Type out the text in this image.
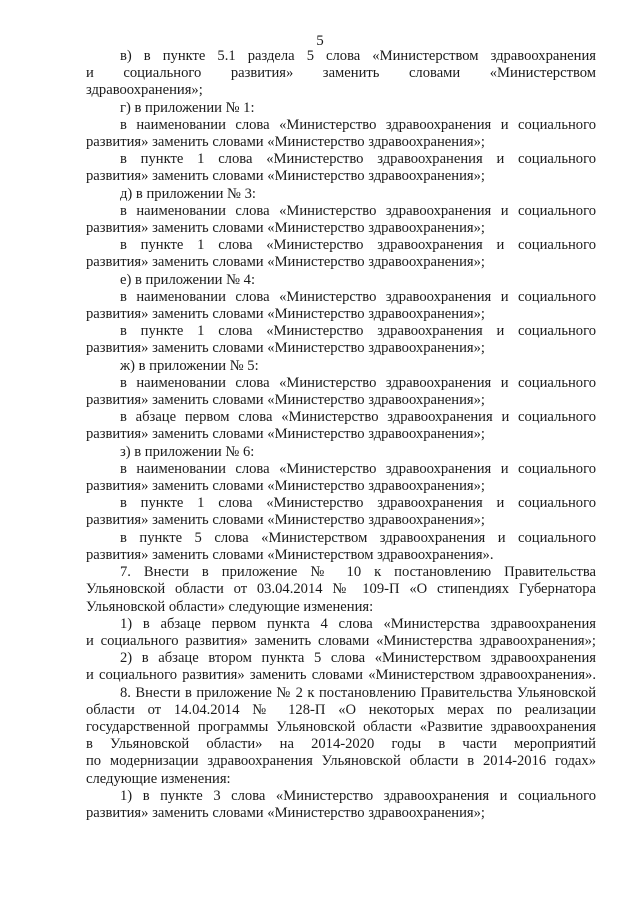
5
в) в пункте 5.1 раздела 5 слова «Министерством здравоохранения
и социального развития» заменить словами «Министерством
здравоохранения»;
г) в приложении № 1:
в наименовании слова «Министерство здравоохранения и социального
развития» заменить словами «Министерство здравоохранения»;
в пункте 1 слова «Министерство здравоохранения и социального
развития» заменить словами «Министерство здравоохранения»;
д) в приложении № 3:
в наименовании слова «Министерство здравоохранения и социального
развития» заменить словами «Министерство здравоохранения»;
в пункте 1 слова «Министерство здравоохранения и социального
развития» заменить словами «Министерство здравоохранения»;
е) в приложении № 4:
в наименовании слова «Министерство здравоохранения и социального
развития» заменить словами «Министерство здравоохранения»;
в пункте 1 слова «Министерство здравоохранения и социального
развития» заменить словами «Министерство здравоохранения»;
ж) в приложении № 5:
в наименовании слова «Министерство здравоохранения и социального
развития» заменить словами «Министерство здравоохранения»;
в абзаце первом слова «Министерство здравоохранения и социального
развития» заменить словами «Министерство здравоохранения»;
з) в приложении № 6:
в наименовании слова «Министерство здравоохранения и социального
развития» заменить словами «Министерство здравоохранения»;
в пункте 1 слова «Министерство здравоохранения и социального
развития» заменить словами «Министерство здравоохранения»;
в пункте 5 слова «Министерством здравоохранения и социального
развития» заменить словами «Министерством здравоохранения».
7. Внести в приложение № 10 к постановлению Правительства
Ульяновской области от 03.04.2014 № 109-П «О стипендиях Губернатора
Ульяновской области» следующие изменения:
1) в абзаце первом пункта 4 слова «Министерства здравоохранения
и социального развития» заменить словами «Министерства здравоохранения»;
2) в абзаце втором пункта 5 слова «Министерством здравоохранения
и социального развития» заменить словами «Министерством здравоохранения».
8. Внести в приложение № 2 к постановлению Правительства Ульяновской
области от 14.04.2014 № 128-П «О некоторых мерах по реализации
государственной программы Ульяновской области «Развитие здравоохранения
в Ульяновской области» на 2014-2020 годы в части мероприятий
по модернизации здравоохранения Ульяновской области в 2014-2016 годах»
следующие изменения:
1) в пункте 3 слова «Министерство здравоохранения и социального
развития» заменить словами «Министерство здравоохранения»;
